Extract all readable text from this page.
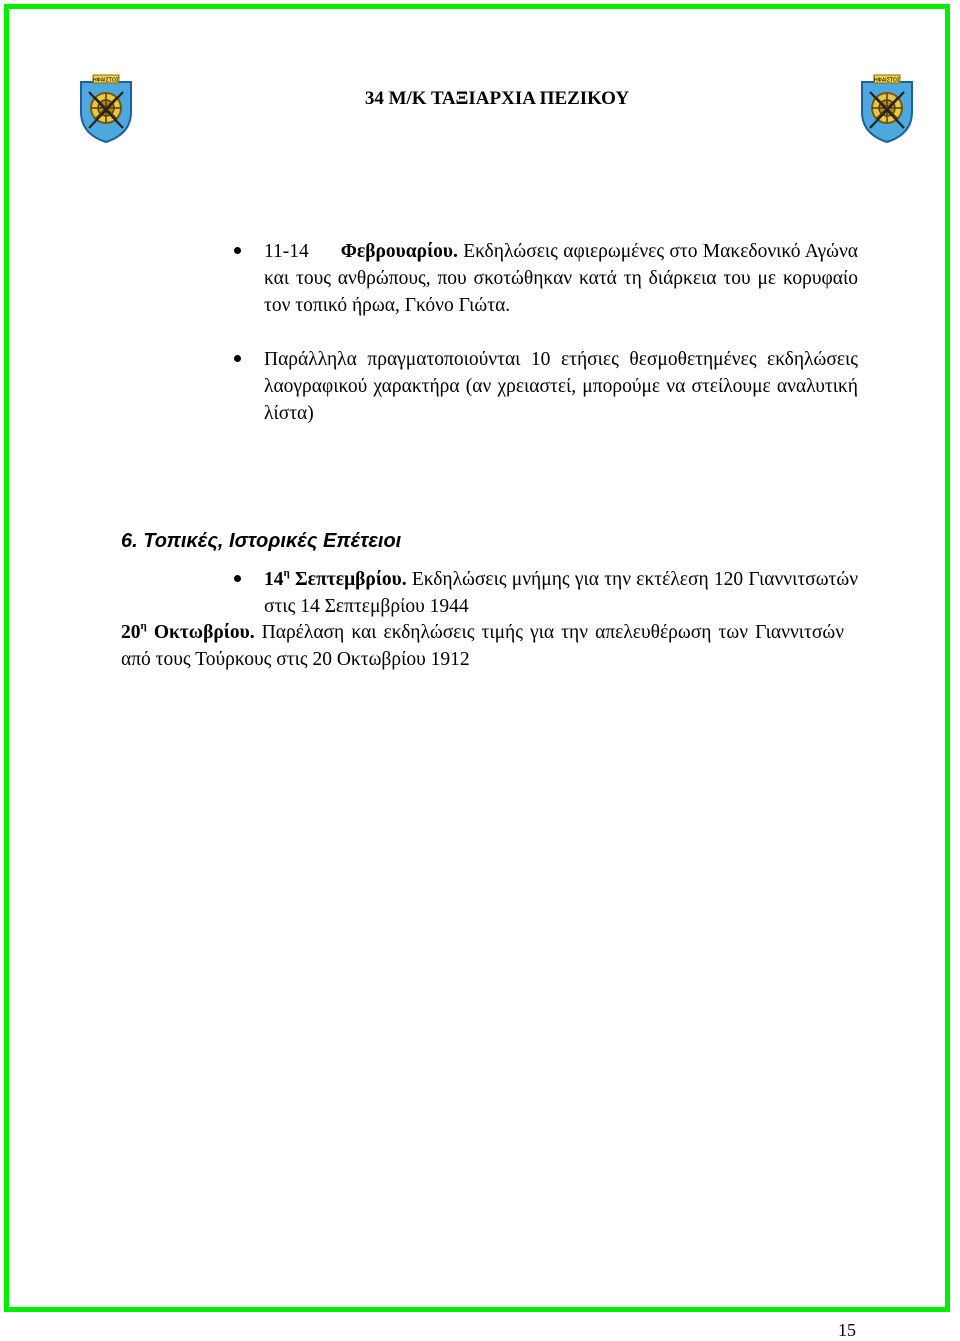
ΗΦΑΙΣΤΟΣ
34 Μ/Κ ΤΑΞΙΑΡΧΙΑ ΠΕΖΙΚΟΥ
ΗΦΑΙΣΤΟΣ
11-14 Φεβρουαρίου. Εκδηλώσεις αφιερωμένες στο Μακεδονικό Αγώνα και τους ανθρώπους, που σκοτώθηκαν κατά τη διάρκεια του με κορυφαίο τον τοπικό ήρωα, Γκόνο Γιώτα.
Παράλληλα πραγματοποιούνται 10 ετήσιες θεσμοθετημένες εκδηλώσεις λαογραφικού χαρακτήρα (αν χρειαστεί, μπορούμε να στείλουμε αναλυτική λίστα)
6. Τοπικές, Ιστορικές Επέτειοι
$14^\eta$ Σεπτεμβρίου. Εκδηλώσεις μνήμης για την εκτέλεση 120 Γιαννιτσωτών στις 14 Σεπτεμβρίου 1944
$20^\eta$ Οκτωβρίου. Παρέλαση και εκδηλώσεις τιμής για την απελευθέρωση των Γιαννιτσών από τους Τούρκους στις 20 Οκτωβρίου 1912
15
